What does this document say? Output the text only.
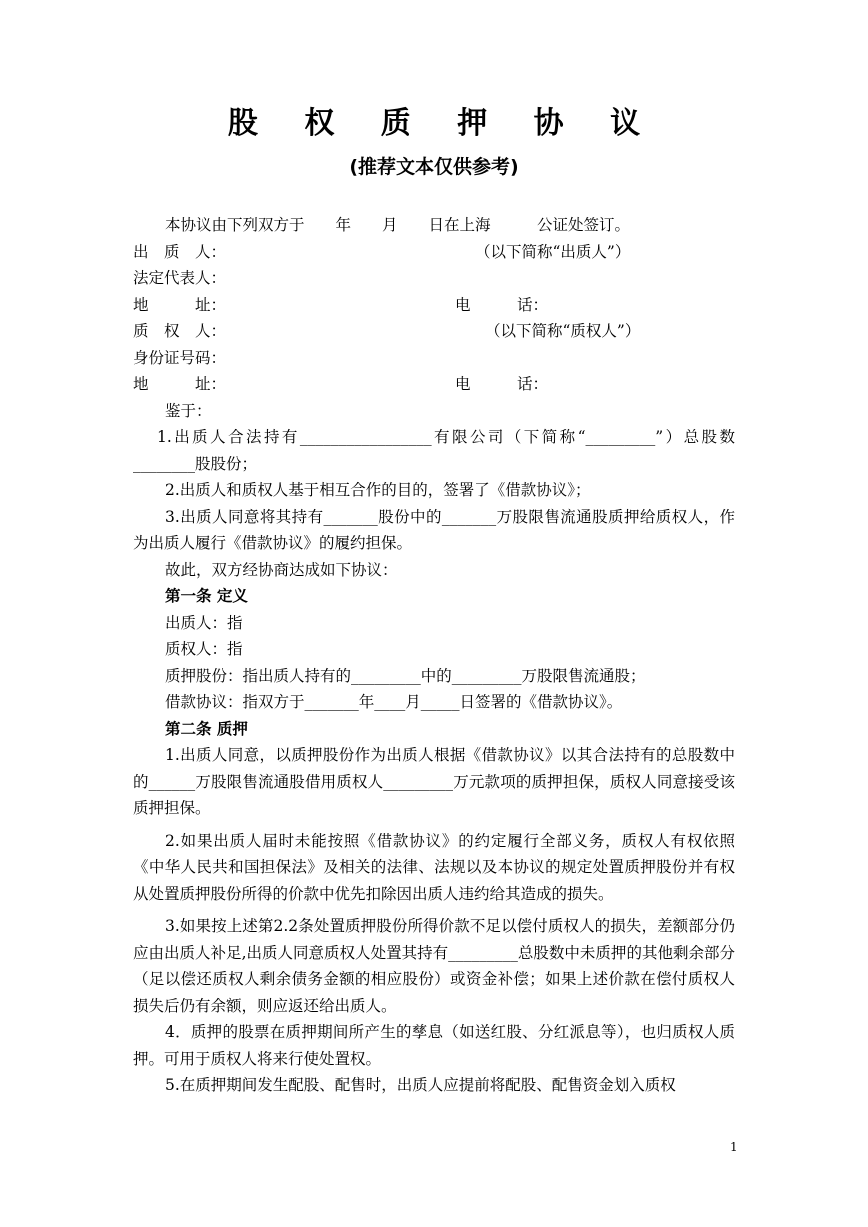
股 权 质 押 协 议
(推荐文本仅供参考)
本协议由下列双方于　　年　　月　　日在上海　　　公证处签订。
出　质　人：	（以下简称“出质人”）
法定代表人：
地　　　址：	电　　　话：
质　权　人：	（以下简称“质权人”）
身份证号码：
地　　　址：	电　　　话：
鉴于：
1.出质人合法持有_________________有限公司（下简称“_________”）总股数________股股份；
2.出质人和质权人基于相互合作的目的，签署了《借款协议》；
3.出质人同意将其持有_______股份中的_______万股限售流通股质押给质权人，作为出质人履行《借款协议》的履约担保。
故此，双方经协商达成如下协议：
第一条 定义
出质人：指
质权人：指
质押股份：指出质人持有的_________中的_________万股限售流通股；
借款协议：指双方于_______年____月_____日签署的《借款协议》。
第二条 质押
1.出质人同意，以质押股份作为出质人根据《借款协议》以其合法持有的总股数中的______万股限售流通股借用质权人_________万元款项的质押担保，质权人同意接受该质押担保。
2.如果出质人届时未能按照《借款协议》的约定履行全部义务，质权人有权依照《中华人民共和国担保法》及相关的法律、法规以及本协议的规定处置质押股份并有权从处置质押股份所得的价款中优先扣除因出质人违约给其造成的损失。
3.如果按上述第2.2条处置质押股份所得价款不足以偿付质权人的损失，差额部分仍应由出质人补足,出质人同意质权人处置其持有_________总股数中未质押的其他剩余部分（足以偿还质权人剩余债务金额的相应股份）或资金补偿；如果上述价款在偿付质权人损失后仍有余额，则应返还给出质人。
4．质押的股票在质押期间所产生的孳息（如送红股、分红派息等），也归质权人质押。可用于质权人将来行使处置权。
5.在质押期间发生配股、配售时，出质人应提前将配股、配售资金划入质权
1
